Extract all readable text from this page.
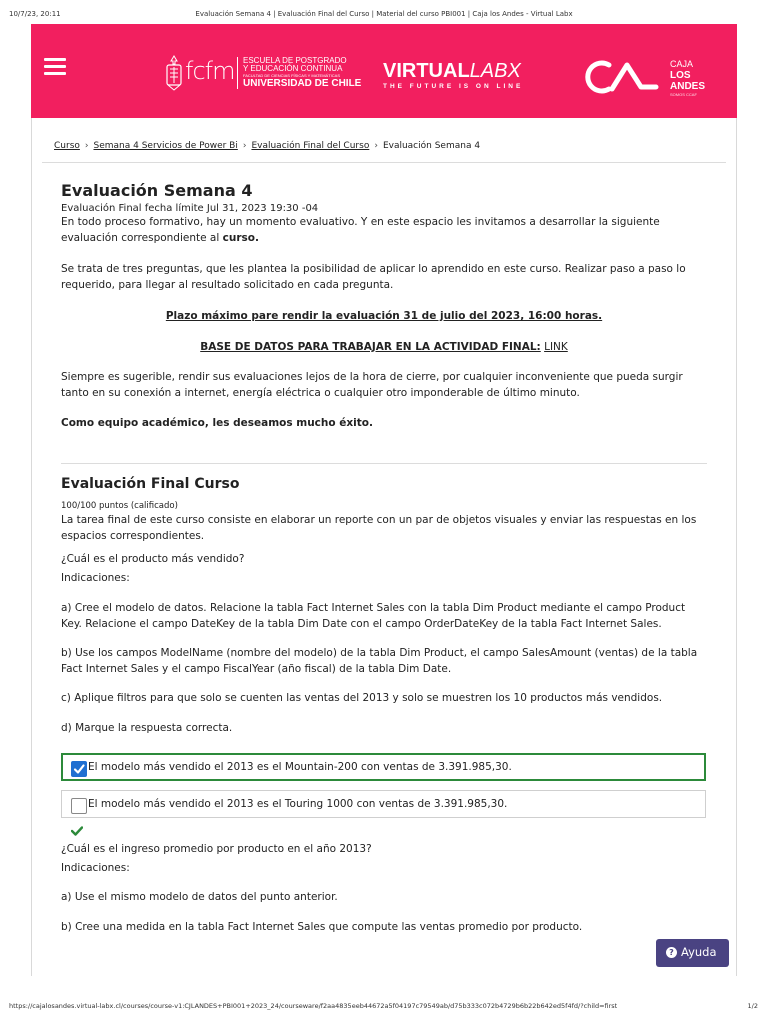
10/7/23, 20:11	Evaluación Semana 4 | Evaluación Final del Curso | Material del curso PBI001 | Caja los Andes - Virtual Labx
fcfm ESCUELA DE POSTGRADO
Y EDUCACIÓN CONTINUA
FACULTAD DE CIENCIAS FÍSICAS Y MATEMÁTICAS
UNIVERSIDAD DE CHILE
VIRTUALLABX
THE FUTURE IS ON LINE
CAJA
LOS
ANDES
SOMOS CCAF
Curso › Semana 4 Servicios de Power Bi › Evaluación Final del Curso › Evaluación Semana 4
Evaluación Semana 4
Evaluación Final fecha límite Jul 31, 2023 19:30 -04

En todo proceso formativo, hay un momento evaluativo. Y en este espacio les invitamos a desarrollar la siguiente evaluación correspondiente al curso.

Se trata de tres preguntas, que les plantea la posibilidad de aplicar lo aprendido en este curso. Realizar paso a paso lo requerido, para llegar al resultado solicitado en cada pregunta.

Plazo máximo pare rendir la evaluación 31 de julio del 2023, 16:00 horas.

BASE DE DATOS PARA TRABAJAR EN LA ACTIVIDAD FINAL: LINK

Siempre es sugerible, rendir sus evaluaciones lejos de la hora de cierre, por cualquier inconveniente que pueda surgir tanto en su conexión a internet, energía eléctrica o cualquier otro imponderable de último minuto.

Como equipo académico, les deseamos mucho éxito.

Evaluación Final Curso
100/100 puntos (calificado)

La tarea final de este curso consiste en elaborar un reporte con un par de objetos visuales y enviar las respuestas en los espacios correspondientes.

¿Cuál es el producto más vendido?

Indicaciones:

a) Cree el modelo de datos. Relacione la tabla Fact Internet Sales con la tabla Dim Product mediante el campo Product Key. Relacione el campo DateKey de la tabla Dim Date con el campo OrderDateKey de la tabla Fact Internet Sales.

b) Use los campos ModelName (nombre del modelo) de la tabla Dim Product, el campo SalesAmount (ventas) de la tabla Fact Internet Sales y el campo FiscalYear (año fiscal) de la tabla Dim Date.

c) Aplique filtros para que solo se cuenten las ventas del 2013 y solo se muestren los 10 productos más vendidos.

d) Marque la respuesta correcta.

El modelo más vendido el 2013 es el Mountain-200 con ventas de 3.391.985,30.
El modelo más vendido el 2013 es el Touring 1000 con ventas de 3.391.985,30.

¿Cuál es el ingreso promedio por producto en el año 2013?

Indicaciones:

a) Use el mismo modelo de datos del punto anterior.

b) Cree una medida en la tabla Fact Internet Sales que compute las ventas promedio por producto.

? Ayuda
https://cajalosandes.virtual-labx.cl/courses/course-v1:CJLANDES+PBI001+2023_24/courseware/f2aa4835eeb44672a5f04197c79549ab/d75b333c072b4729b6b22b642ed5f4fd/?child=first	1/2
